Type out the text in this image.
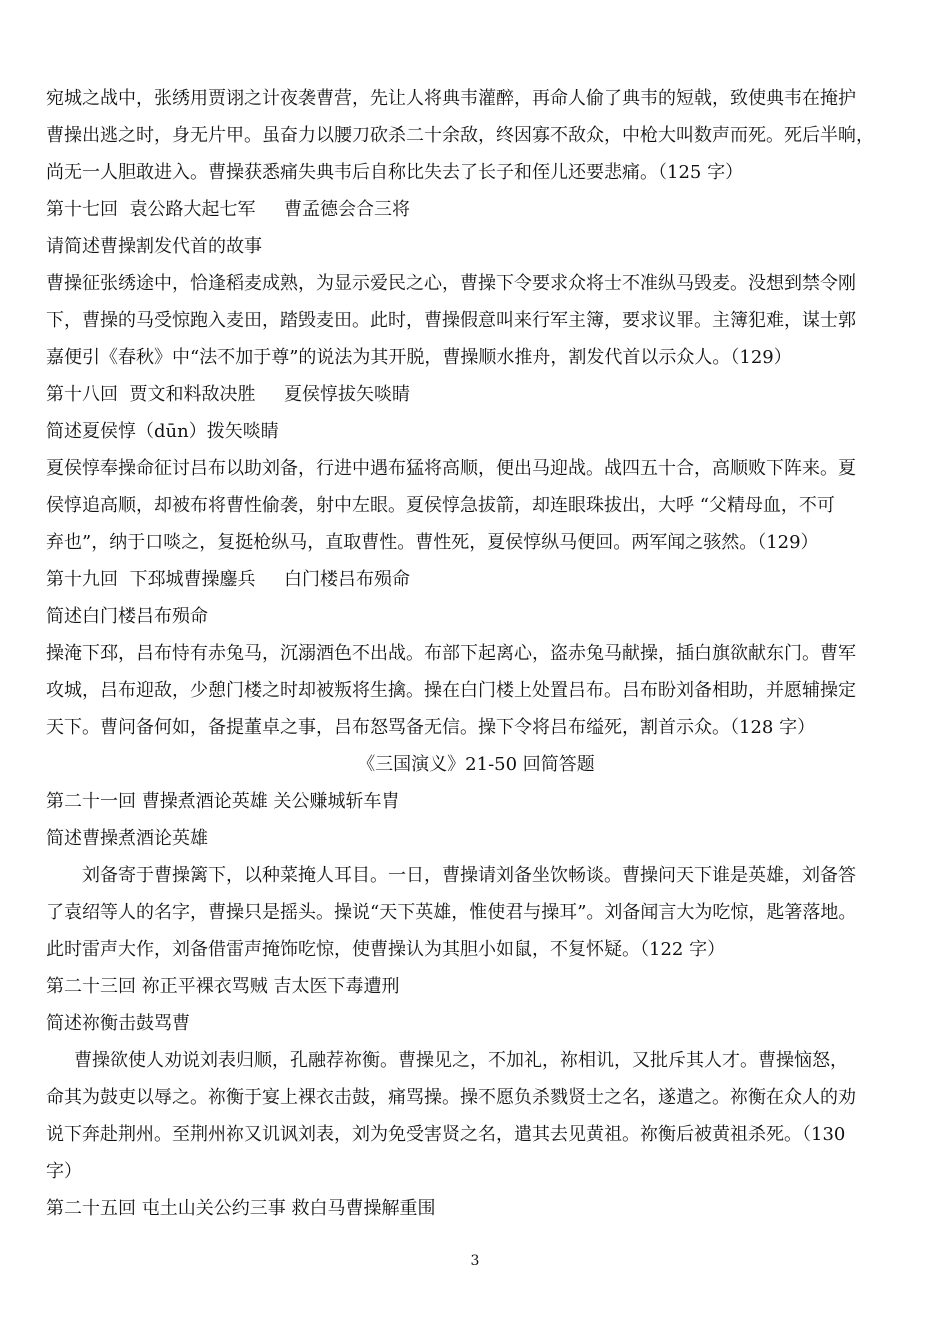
宛城之战中，张绣用贾诩之计夜袭曹营，先让人将典韦灌醉，再命人偷了典韦的短戟，致使典韦在掩护
曹操出逃之时，身无片甲。虽奋力以腰刀砍杀二十余敌，终因寡不敌众，中枪大叫数声而死。死后半晌，
尚无一人胆敢进入。曹操获悉痛失典韦后自称比失去了长子和侄儿还要悲痛。（125 字）
第十七回  袁公路大起七军     曹孟德会合三将
请简述曹操割发代首的故事
曹操征张绣途中，恰逢稻麦成熟，为显示爱民之心，曹操下令要求众将士不准纵马毁麦。没想到禁令刚
下，曹操的马受惊跑入麦田，踏毁麦田。此时，曹操假意叫来行军主簿，要求议罪。主簿犯难，谋士郭
嘉便引《春秋》中“法不加于尊”的说法为其开脱，曹操顺水推舟，割发代首以示众人。（129）
第十八回  贾文和料敌决胜     夏侯惇拔矢啖睛
简述夏侯惇（dūn）拨矢啖睛
夏侯惇奉操命征讨吕布以助刘备，行进中遇布猛将高顺，便出马迎战。战四五十合，高顺败下阵来。夏
侯惇追高顺，却被布将曹性偷袭，射中左眼。夏侯惇急拔箭，却连眼珠拔出，大呼 “父精母血，不可
弃也”，纳于口啖之，复挺枪纵马，直取曹性。曹性死，夏侯惇纵马便回。两军闻之骇然。（129）
第十九回  下邳城曹操鏖兵     白门楼吕布殒命
简述白门楼吕布殒命
操淹下邳，吕布恃有赤兔马，沉溺酒色不出战。布部下起离心，盗赤兔马献操，插白旗欲献东门。曹军
攻城，吕布迎敌，少憩门楼之时却被叛将生擒。操在白门楼上处置吕布。吕布盼刘备相助，并愿辅操定
天下。曹问备何如，备提董卓之事，吕布怒骂备无信。操下令将吕布缢死，割首示众。（128 字）
《三国演义》21-50 回简答题
第二十一回 曹操煮酒论英雄 关公赚城斩车胄
简述曹操煮酒论英雄
刘备寄于曹操篱下，以种菜掩人耳目。一日，曹操请刘备坐饮畅谈。曹操问天下谁是英雄，刘备答
了袁绍等人的名字，曹操只是摇头。操说“天下英雄，惟使君与操耳”。刘备闻言大为吃惊，匙箸落地。
此时雷声大作，刘备借雷声掩饰吃惊，使曹操认为其胆小如鼠，不复怀疑。（122 字）
第二十三回 祢正平裸衣骂贼 吉太医下毒遭刑
简述祢衡击鼓骂曹
曹操欲使人劝说刘表归顺，孔融荐祢衡。曹操见之，不加礼，祢相讥，又批斥其人才。曹操恼怒，
命其为鼓吏以辱之。祢衡于宴上裸衣击鼓，痛骂操。操不愿负杀戮贤士之名，遂遣之。祢衡在众人的劝
说下奔赴荆州。至荆州祢又讥讽刘表，刘为免受害贤之名，遣其去见黄祖。祢衡后被黄祖杀死。（130
字）
第二十五回 屯土山关公约三事 救白马曹操解重围
3
